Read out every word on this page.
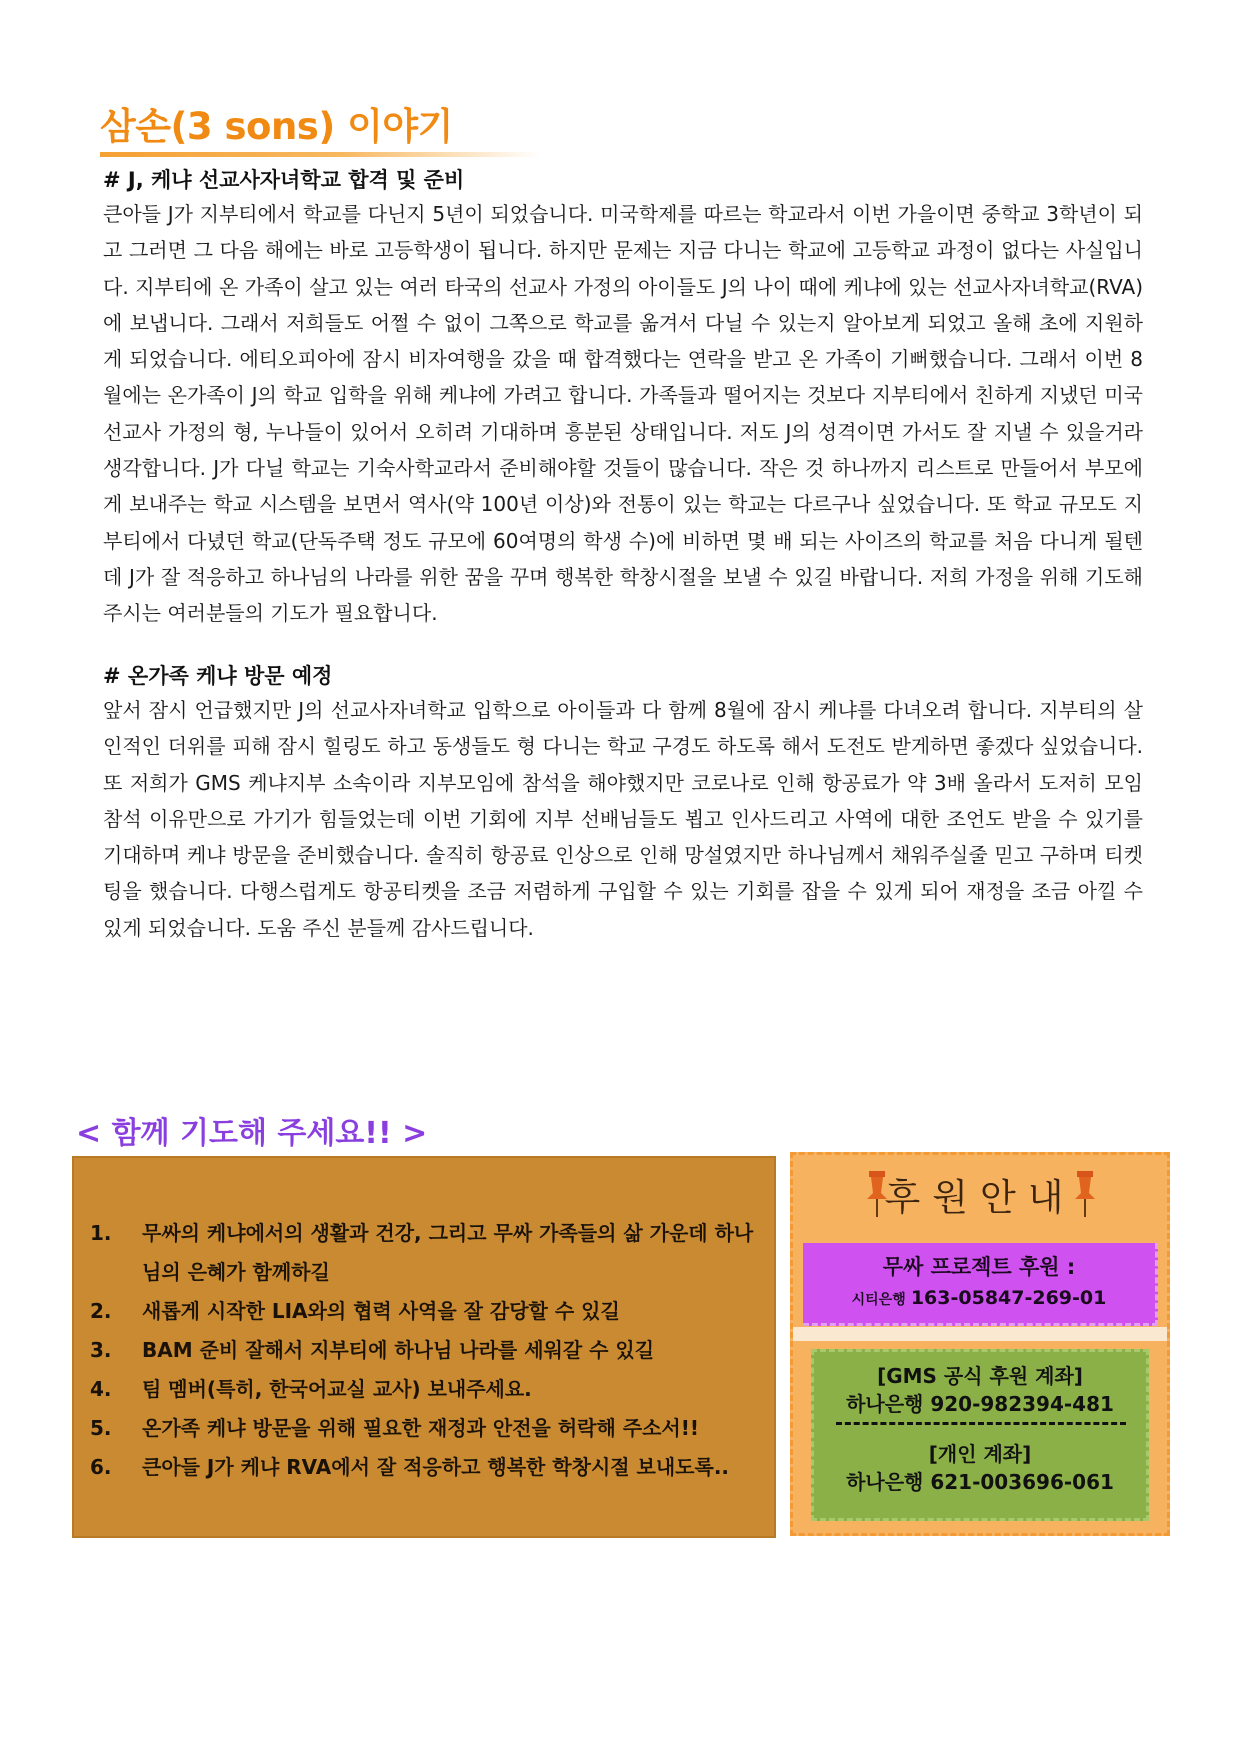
삼손(3 sons) 이야기
# J, 케냐 선교사자녀학교 합격 및 준비

큰아들 J가 지부티에서 학교를 다닌지 5년이 되었습니다. 미국학제를 따르는 학교라서 이번 가을이면 중학교 3학년이 되고 그러면 그 다음 해에는 바로 고등학생이 됩니다. 하지만 문제는 지금 다니는 학교에 고등학교 과정이 없다는 사실입니다. 지부티에 온 가족이 살고 있는 여러 타국의 선교사 가정의 아이들도 J의 나이 때에 케냐에 있는 선교사자녀학교(RVA)에 보냅니다. 그래서 저희들도 어쩔 수 없이 그쪽으로 학교를 옮겨서 다닐 수 있는지 알아보게 되었고 올해 초에 지원하게 되었습니다. 에티오피아에 잠시 비자여행을 갔을 때 합격했다는 연락을 받고 온 가족이 기뻐했습니다. 그래서 이번 8월에는 온가족이 J의 학교 입학을 위해 케냐에 가려고 합니다. 가족들과 떨어지는 것보다 지부티에서 친하게 지냈던 미국선교사 가정의 형, 누나들이 있어서 오히려 기대하며 흥분된 상태입니다. 저도 J의 성격이면 가서도 잘 지낼 수 있을거라 생각합니다. J가 다닐 학교는 기숙사학교라서 준비해야할 것들이 많습니다. 작은 것 하나까지 리스트로 만들어서 부모에게 보내주는 학교 시스템을 보면서 역사(약 100년 이상)와 전통이 있는 학교는 다르구나 싶었습니다. 또 학교 규모도 지부티에서 다녔던 학교(단독주택 정도 규모에 60여명의 학생 수)에 비하면 몇 배 되는 사이즈의 학교를 처음 다니게 될텐데 J가 잘 적응하고 하나님의 나라를 위한 꿈을 꾸며 행복한 학창시절을 보낼 수 있길 바랍니다. 저희 가정을 위해 기도해주시는 여러분들의 기도가 필요합니다.

# 온가족 케냐 방문 예정

앞서 잠시 언급했지만 J의 선교사자녀학교 입학으로 아이들과 다 함께 8월에 잠시 케냐를 다녀오려 합니다. 지부티의 살인적인 더위를 피해 잠시 힐링도 하고 동생들도 형 다니는 학교 구경도 하도록 해서 도전도 받게하면 좋겠다 싶었습니다. 또 저희가 GMS 케냐지부 소속이라 지부모임에 참석을 해야했지만 코로나로 인해 항공료가 약 3배 올라서 도저히 모임 참석 이유만으로 가기가 힘들었는데 이번 기회에 지부 선배님들도 뵙고 인사드리고 사역에 대한 조언도 받을 수 있기를 기대하며 케냐 방문을 준비했습니다. 솔직히 항공료 인상으로 인해 망설였지만 하나님께서 채워주실줄 믿고 구하며 티켓팅을 했습니다. 다행스럽게도 항공티켓을 조금 저렴하게 구입할 수 있는 기회를 잡을 수 있게 되어 재정을 조금 아낄 수 있게 되었습니다. 도움 주신 분들께 감사드립니다.

< 함께 기도해 주세요!! >
1. 무싸의 케냐에서의 생활과 건강, 그리고 무싸 가족들의 삶 가운데 하나님의 은혜가 함께하길
2. 새롭게 시작한 LIA와의 협력 사역을 잘 감당할 수 있길
3. BAM 준비 잘해서 지부티에 하나님 나라를 세워갈 수 있길
4. 팀 멤버(특히, 한국어교실 교사) 보내주세요.
5. 온가족 케냐 방문을 위해 필요한 재정과 안전을 허락해 주소서!!
6. 큰아들 J가 케냐 RVA에서 잘 적응하고 행복한 학창시절 보내도록..
후원안내
무싸 프로젝트 후원 :
시티은행 163-05847-269-01
[GMS 공식 후원 계좌]
하나은행 920-982394-481
[개인 계좌]
하나은행 621-003696-061
